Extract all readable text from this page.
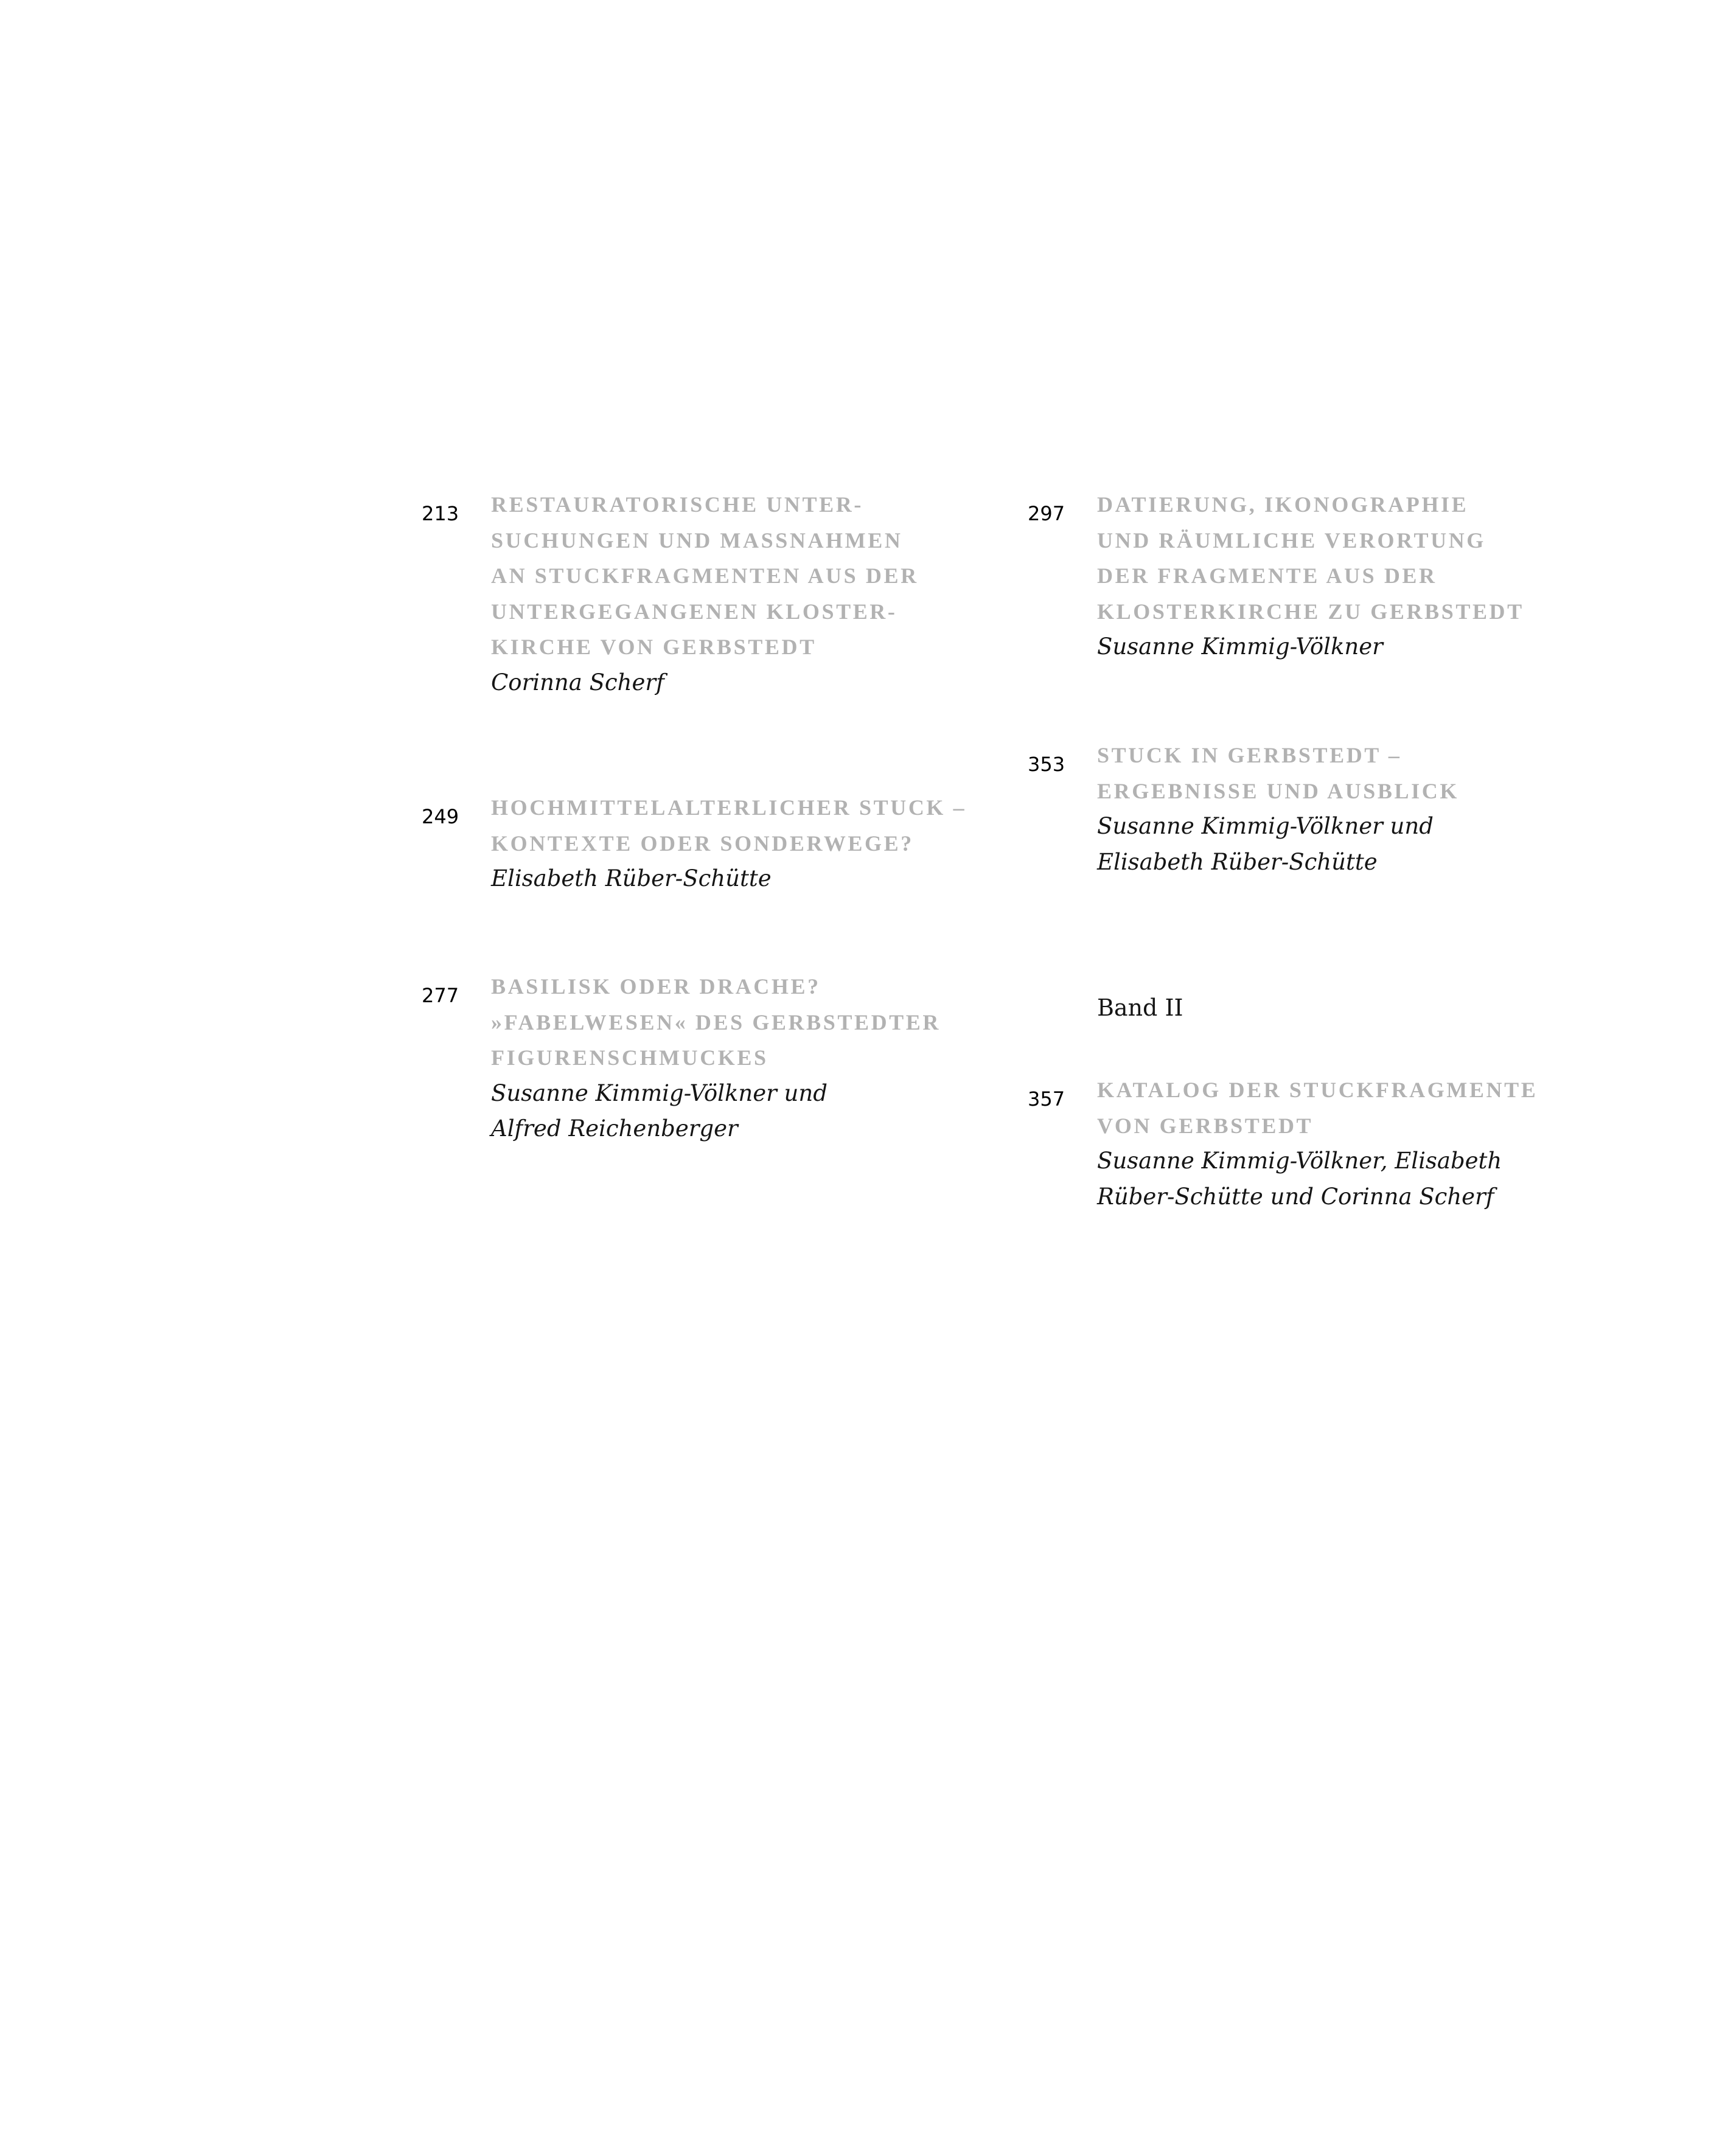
213 RESTAURATORISCHE UNTER-
SUCHUNGEN UND MASSNAHMEN
AN STUCKFRAGMENTEN AUS DER
UNTERGEGANGENEN KLOSTER-
KIRCHE VON GERBSTEDT

Corinna Scherf

249 HOCHMITTELALTERLICHER STUCK –
KONTEXTE ODER SONDERWEGE?

Elisabeth Rüber-Schütte

277 BASILISK ODER DRACHE?
»FABELWESEN« DES GERBSTEDTER
FIGURENSCHMUCKES

Susanne Kimmig-Völkner und
Alfred Reichenberger

297 DATIERUNG, IKONOGRAPHIE
UND RÄUMLICHE VERORTUNG
DER FRAGMENTE AUS DER
KLOSTERKIRCHE ZU GERBSTEDT

Susanne Kimmig-Völkner

353 STUCK IN GERBSTEDT –
ERGEBNISSE UND AUSBLICK

Susanne Kimmig-Völkner und
Elisabeth Rüber-Schütte

Band II

357 KATALOG DER STUCKFRAGMENTE
VON GERBSTEDT

Susanne Kimmig-Völkner, Elisabeth
Rüber-Schütte und Corinna Scherf
